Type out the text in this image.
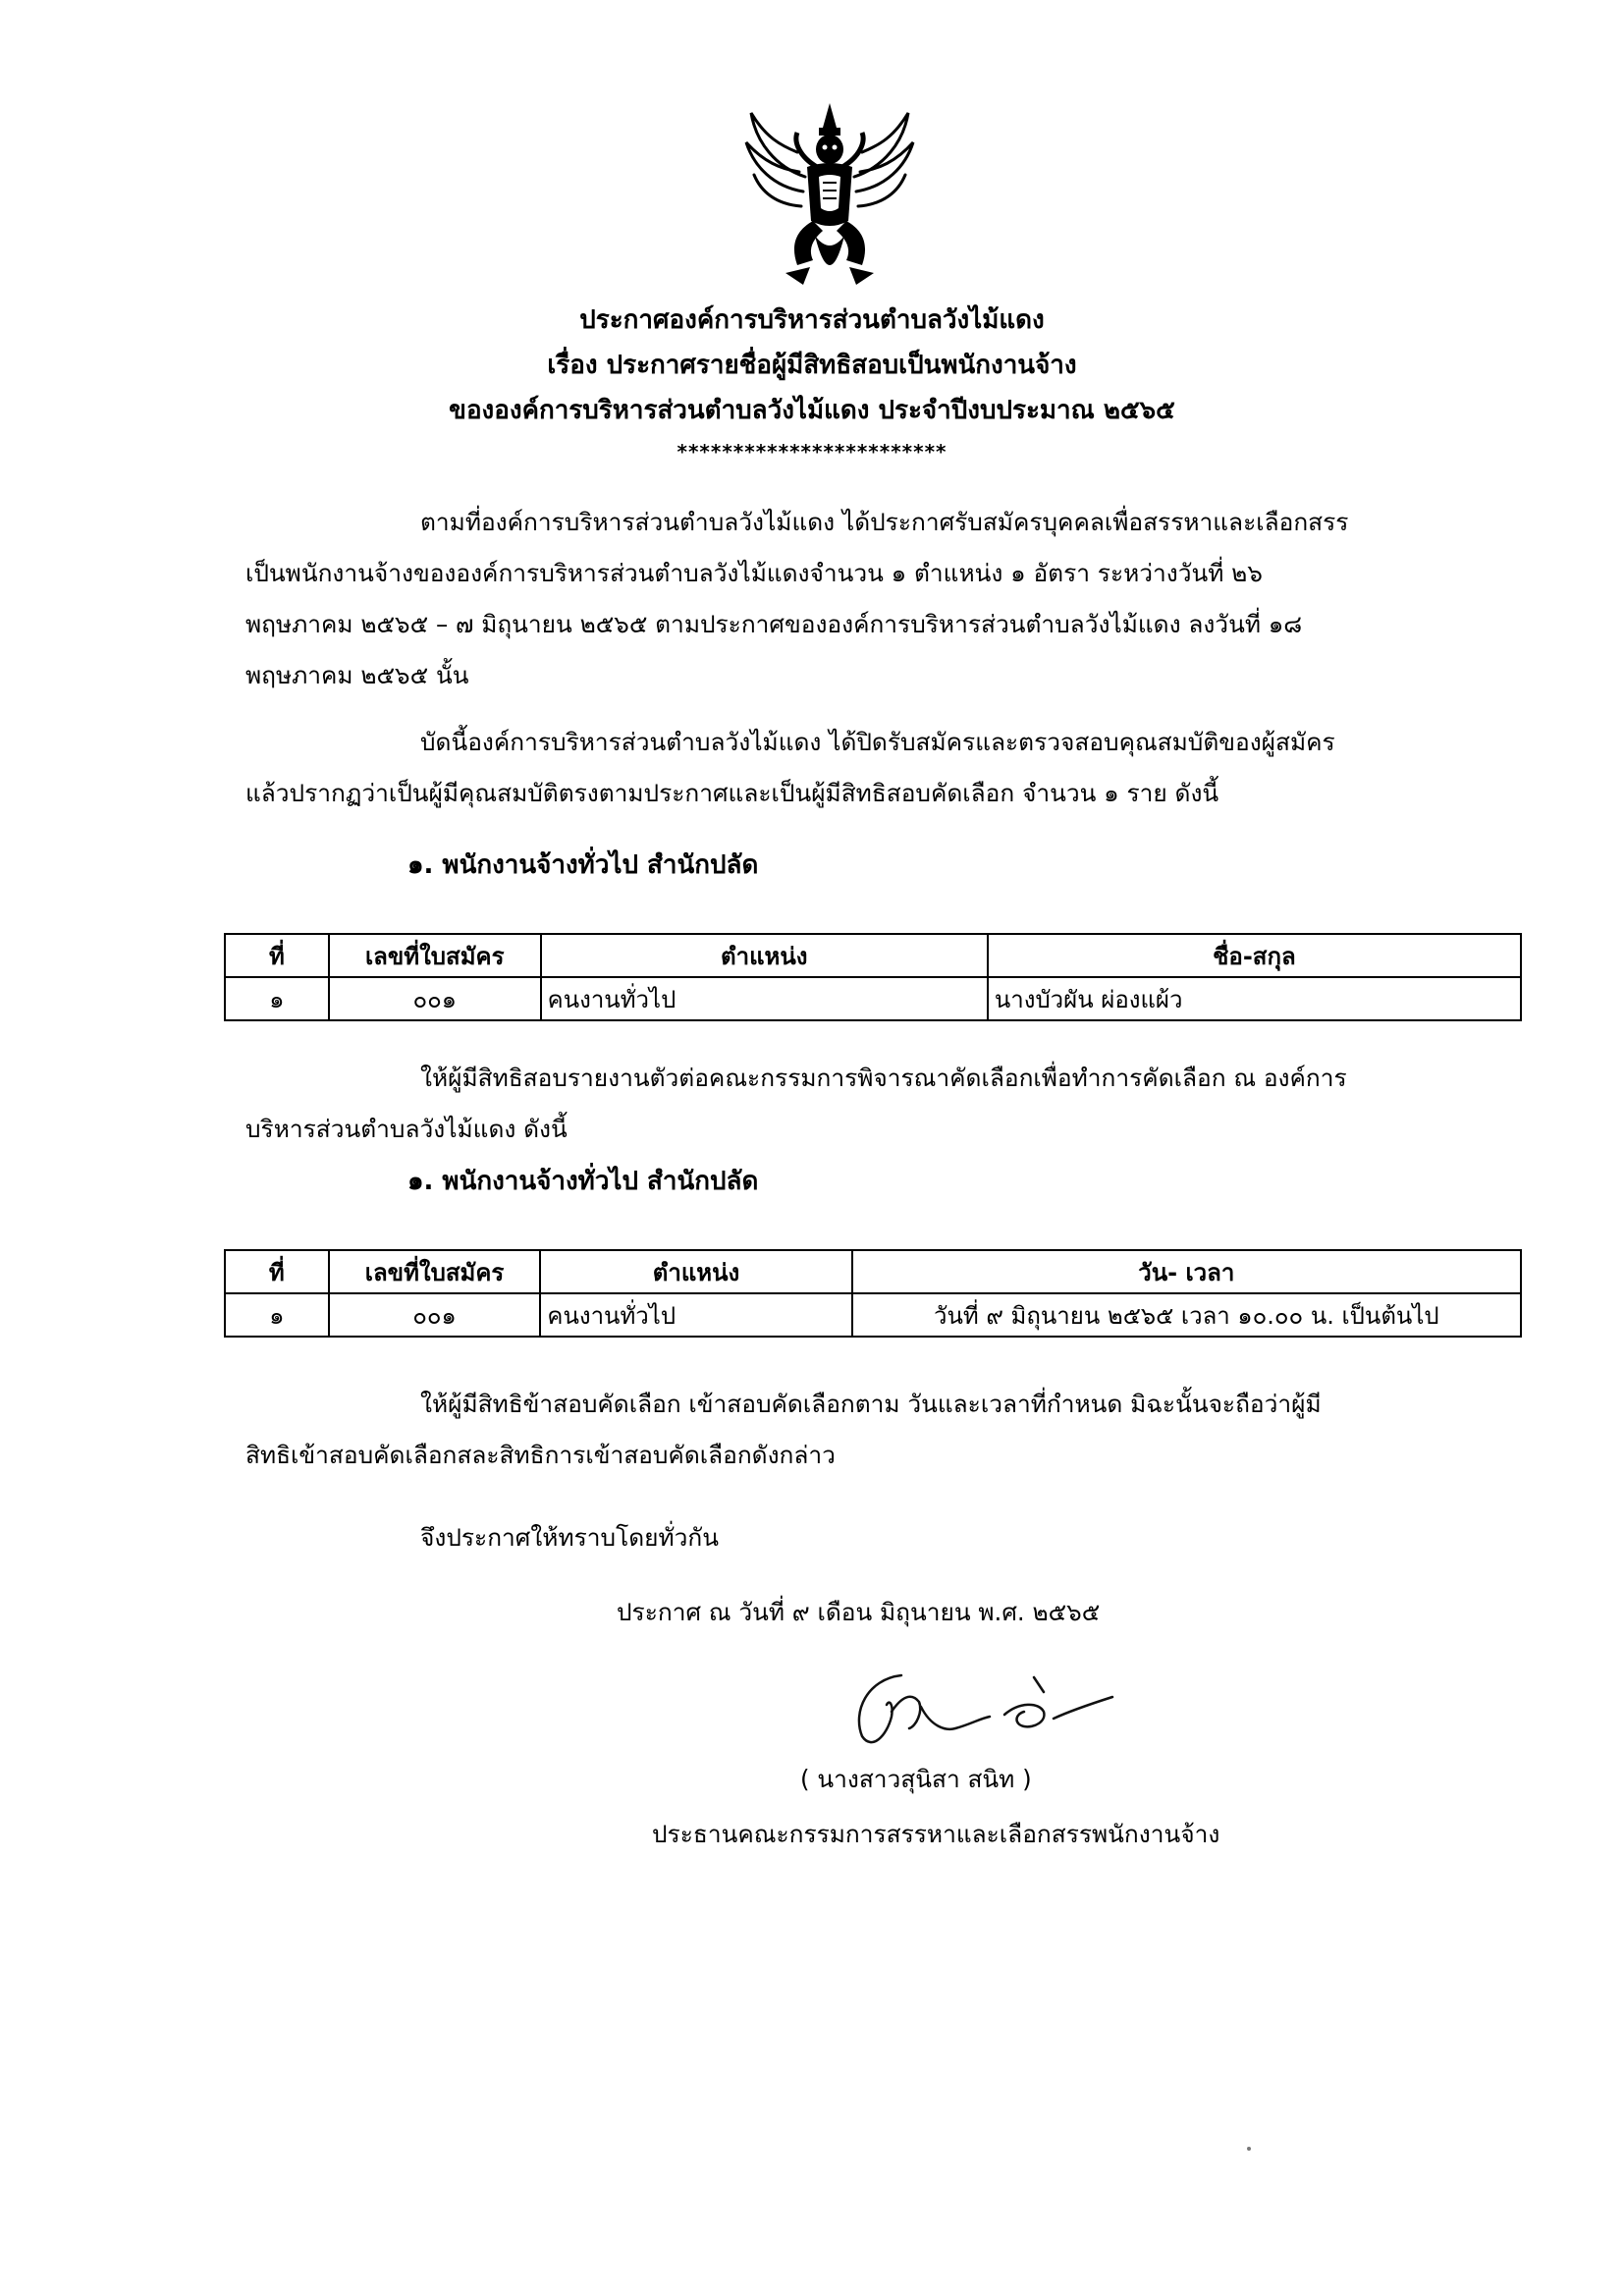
ประกาศองค์การบริหารส่วนตำบลวังไม้แดง
เรื่อง ประกาศรายชื่อผู้มีสิทธิสอบเป็นพนักงานจ้าง
ขององค์การบริหารส่วนตำบลวังไม้แดง ประจำปีงบประมาณ ๒๕๖๕
************************
ตามที่องค์การบริหารส่วนตำบลวังไม้แดง ได้ประกาศรับสมัครบุคคลเพื่อสรรหาและเลือกสรร
เป็นพนักงานจ้างขององค์การบริหารส่วนตำบลวังไม้แดงจำนวน ๑ ตำแหน่ง ๑ อัตรา ระหว่างวันที่ ๒๖
พฤษภาคม ๒๕๖๕ – ๗ มิถุนายน ๒๕๖๕ ตามประกาศขององค์การบริหารส่วนตำบลวังไม้แดง ลงวันที่ ๑๘
พฤษภาคม ๒๕๖๕ นั้น
บัดนี้องค์การบริหารส่วนตำบลวังไม้แดง ได้ปิดรับสมัครและตรวจสอบคุณสมบัติของผู้สมัคร
แล้วปรากฏว่าเป็นผู้มีคุณสมบัติตรงตามประกาศและเป็นผู้มีสิทธิสอบคัดเลือก จำนวน ๑ ราย ดังนี้
๑. พนักงานจ้างทั่วไป สำนักปลัด
ที่	เลขที่ใบสมัคร	ตำแหน่ง	ชื่อ-สกุล
๑	๐๐๑	คนงานทั่วไป	นางบัวผัน ผ่องแผ้ว
ให้ผู้มีสิทธิสอบรายงานตัวต่อคณะกรรมการพิจารณาคัดเลือกเพื่อทำการคัดเลือก ณ องค์การ
บริหารส่วนตำบลวังไม้แดง ดังนี้
๑. พนักงานจ้างทั่วไป สำนักปลัด
ที่	เลขที่ใบสมัคร	ตำแหน่ง	วัน- เวลา
๑	๐๐๑	คนงานทั่วไป	วันที่ ๙ มิถุนายน ๒๕๖๕ เวลา ๑๐.๐๐ น. เป็นต้นไป
ให้ผู้มีสิทธิข้าสอบคัดเลือก เข้าสอบคัดเลือกตาม วันและเวลาที่กำหนด มิฉะนั้นจะถือว่าผู้มี
สิทธิเข้าสอบคัดเลือกสละสิทธิการเข้าสอบคัดเลือกดังกล่าว
จึงประกาศให้ทราบโดยทั่วกัน
ประกาศ ณ วันที่ ๙ เดือน มิถุนายน พ.ศ. ๒๕๖๕
( นางสาวสุนิสา สนิท )
ประธานคณะกรรมการสรรหาและเลือกสรรพนักงานจ้าง
